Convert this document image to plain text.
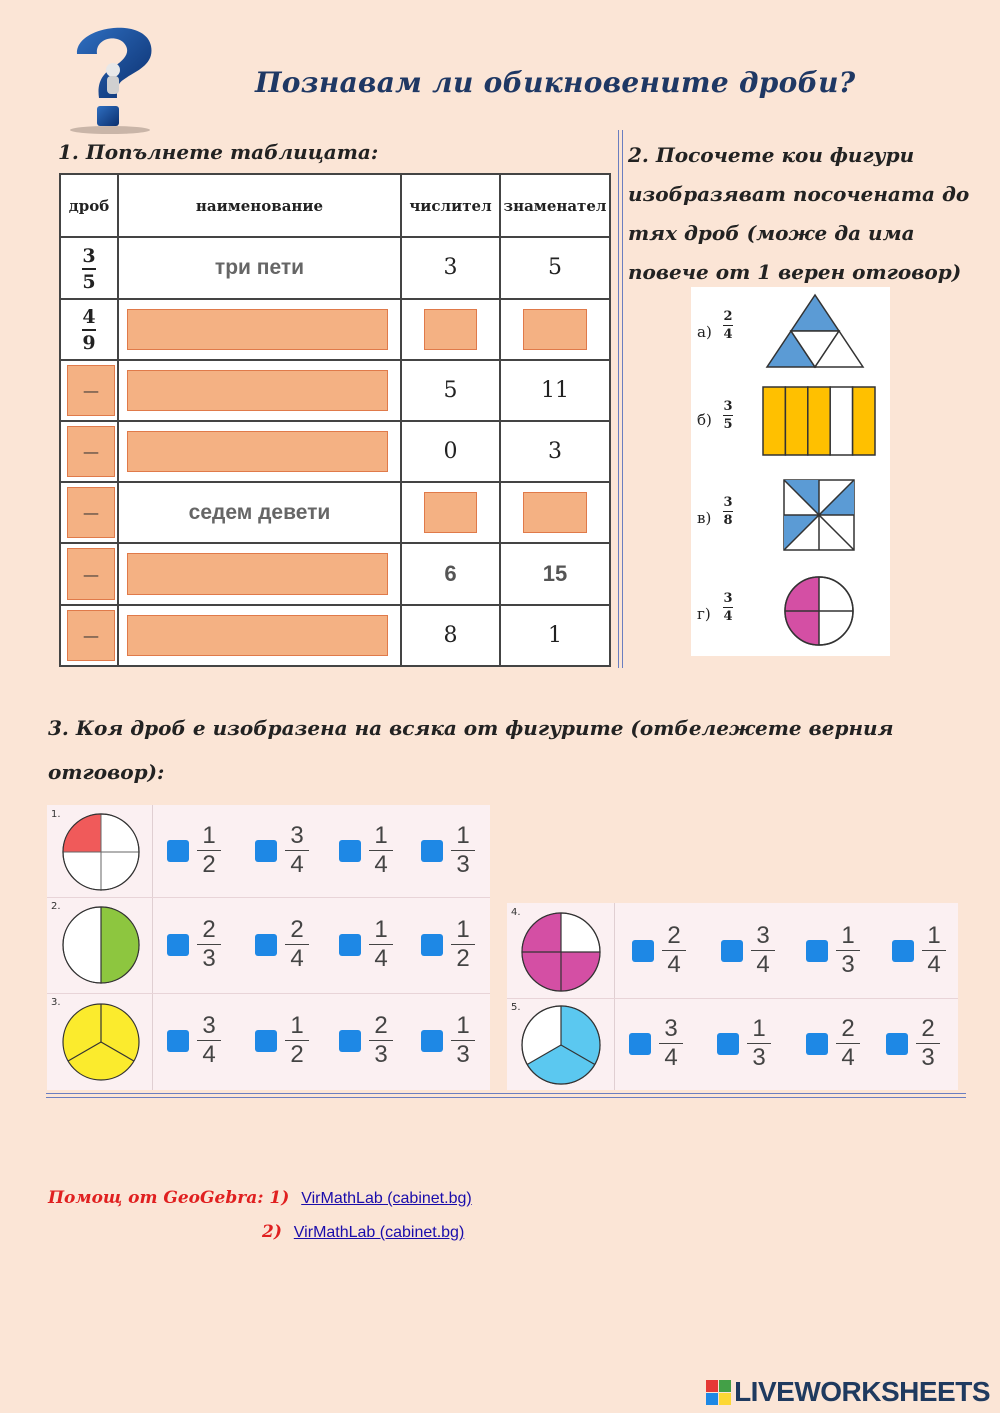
Познавам ли обикновените дроби?
1. Попълнете таблицата:	2. Посочете кои фигури изобразяват посочената до тях дроб (може да има повече от 1 верен отговор)
дроб	наименование	числител	знаменател

$\frac{3}{5}$	три пети	3	5

$\frac{4}{9}$

—		5	11

—		0	3

—	седем девети	

—		6	15

—		8	1
а)
2
4
б)
3
5
в)
3
8
г)
3
4
3. Коя дроб е изобразена на всяка от фигурите (отбележете верния отговор):
1.
1
2
3
4
1
4
1
3
2.
2
3
2
4
1
4
1
2
3.
3
4
1
2
2
3
1
3
4.
2
4
3
4
1
3
1
4
5.
3
4
1
3
2
4
2
3
Помощ от GeoGebra: 1) VirMathLab (cabinet.bg)
2) VirMathLab (cabinet.bg)
LIVEWORKSHEETS
